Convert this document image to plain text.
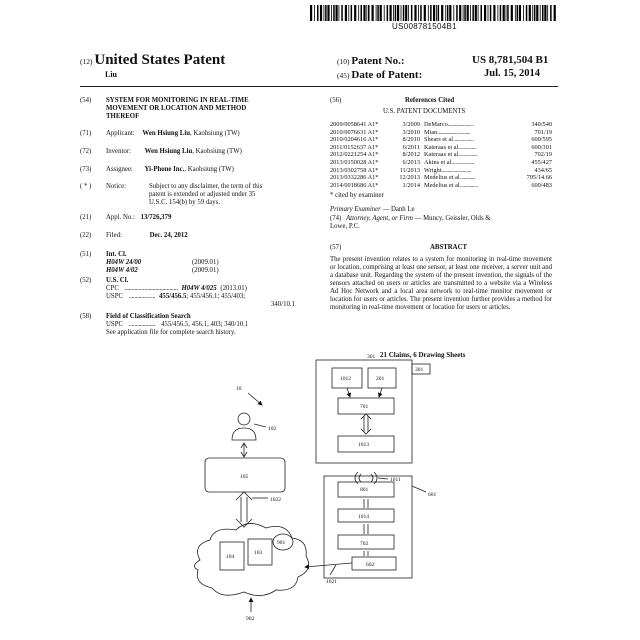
US008781504B1
(12) United States Patent
Liu
(10) Patent No.:	US 8,781,504 B1
(45) Date of Patent:	Jul. 15, 2014
(54) SYSTEM FOR MONITORING IN REAL-TIME
MOVEMENT OR LOCATION AND METHOD
THEREOF
(71) Applicant: Wen Hsiung Liu, Kaohsiung (TW)
(72) Inventor: Wen Hsiung Liu, Kaohsiung (TW)
(73) Assignee: Yi-Phone Inc., Kaohsiung (TW)
( * ) Notice:	Subject to any disclaimer, the term of this
patent is extended or adjusted under 35
U.S.C. 154(b) by 59 days.
(21) Appl. No.: 13/726,379
(22) Filed:	Dec. 24, 2012
(51) Int. Cl.
H04W 24/00	(2009.01)
H04W 4/02	(2009.01)
(52) U.S. Cl.
CPC ...................................... H04W 4/025 (2013.01)
USPC ................... 455/456.5; 455/456.1; 455/403;
340/10.1
(58) Field of Classification Search
USPC ................... 455/456.5, 456.1, 403; 340/10.1
See application file for complete search history.
(56)	References Cited
U.S. PATENT DOCUMENTS
2009/0058641 A1*	3/2009 DeMarco......................	340/540
2010/0076631 A1*	3/2010 Mian............................	701/19
2010/0204616 A1*	8/2010 Shears et al.................	600/595
2011/0152637 A1*	6/2011 Kateraas et al...............	600/301
2012/0221254 A1*	8/2012 Kateraas et al................	702/19
2013/0150028 A1*	6/2013 Akins et al...................	455/427
2013/0302758 A1*	11/2013 Wright.........................	434/65
2013/0332286 A1*	12/2013 Medelius et al.............	705/14.66
2014/0018686 A1*	1/2014 Medelius et al...............	600/483
* cited by examiner
Primary Examiner — Danh Le
(74) Attorney, Agent, or Firm — Muncy, Geissler, Olds &
Lowe, P.C.
(57)	ABSTRACT
The present invention relates to a system for monitoring in real-time movement or location, comprising at least one sensor, at least one receiver, a server unit and a database unit. Regarding the system of the present invention, the signals of the sensors attached on users or articles are transmitted to a website via a Wireless Ad Hoc Network and a local area network to real-time monitor movement or location for users or articles. The present invention further provides a method for monitoring in real-time movement or location for users or articles.
21 Claims, 6 Drawing Sheets
10
102
105
1022
104
103
901
902
1021
301
301
1012	201
701
1013
1011
601
801
1014
702
602
